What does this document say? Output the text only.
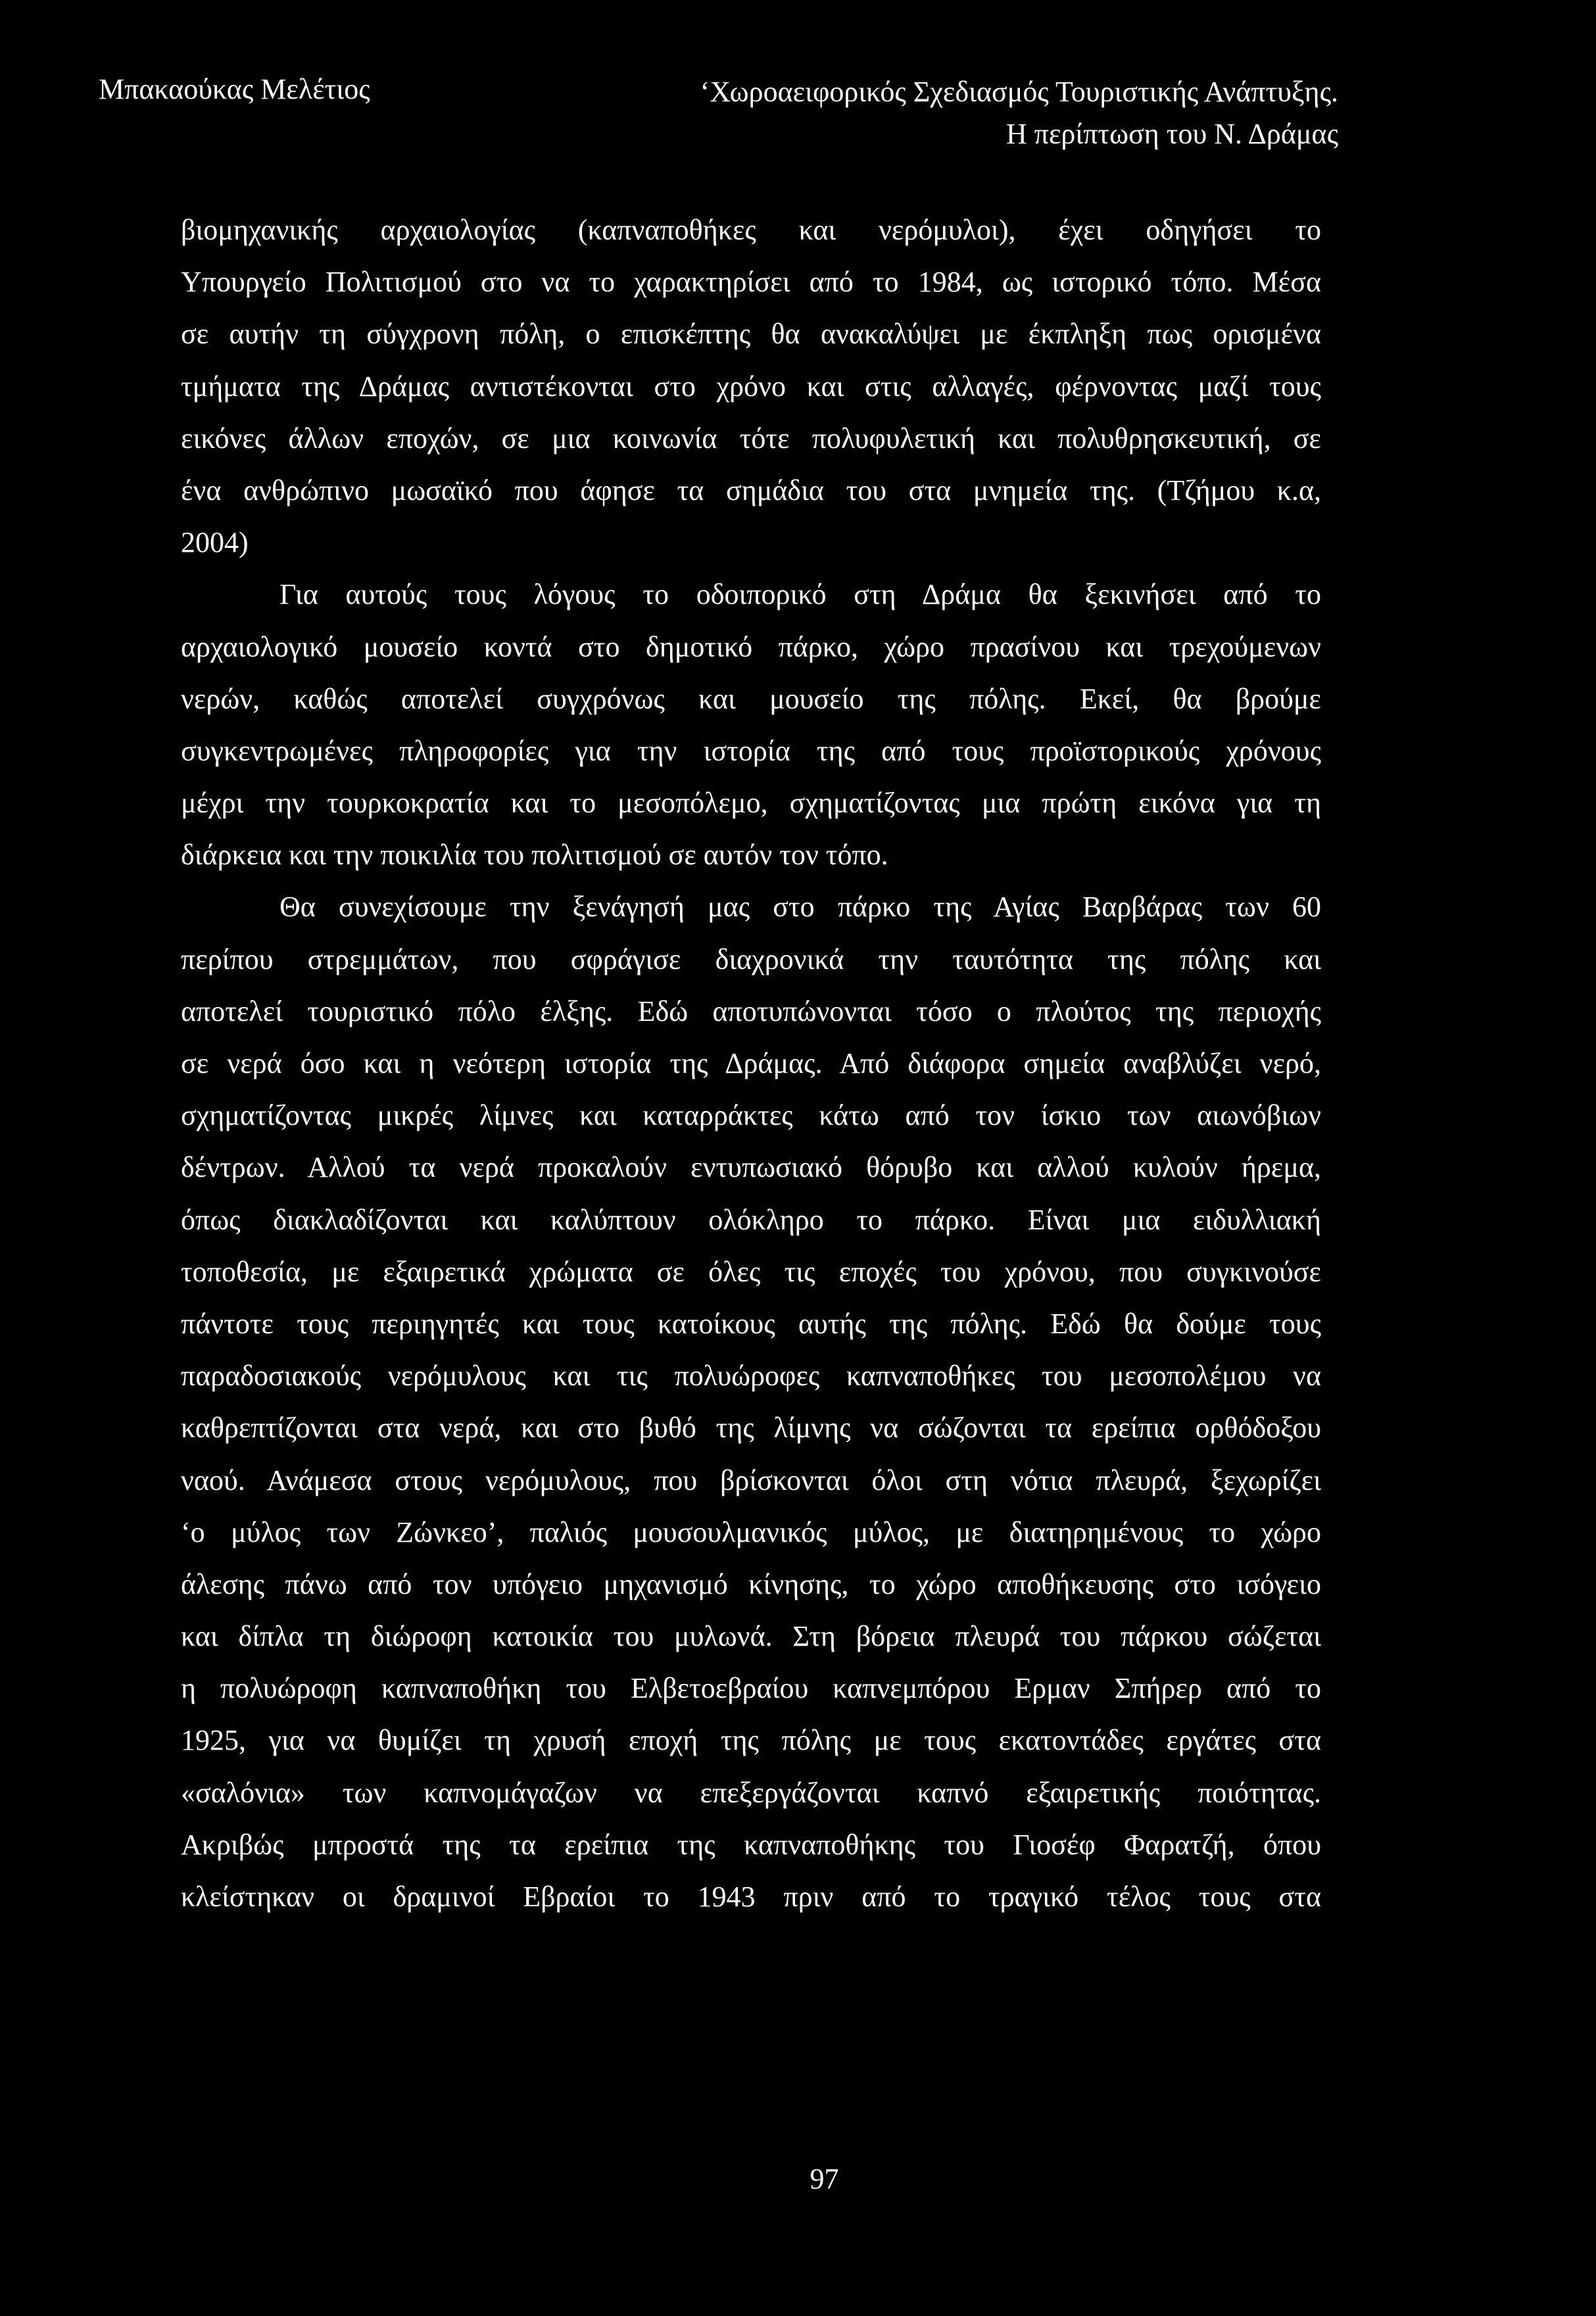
Μπακαούκας Μελέτιος	‘Χωροαειφορικός Σχεδιασμός Τουριστικής Ανάπτυξης.
Η περίπτωση του Ν. Δράμας
βιομηχανικής αρχαιολογίας (καπναποθήκες και νερόμυλοι), έχει οδηγήσει το
Υπουργείο Πολιτισμού στο να το χαρακτηρίσει από το 1984, ως ιστορικό τόπο. Μέσα
σε αυτήν τη σύγχρονη πόλη, ο επισκέπτης θα ανακαλύψει με έκπληξη πως ορισμένα
τμήματα της Δράμας αντιστέκονται στο χρόνο και στις αλλαγές, φέρνοντας μαζί τους
εικόνες άλλων εποχών, σε μια κοινωνία τότε πολυφυλετική και πολυθρησκευτική, σε
ένα ανθρώπινο μωσαϊκό που άφησε τα σημάδια του στα μνημεία της. (Τζήμου κ.α,
2004)
Για αυτούς τους λόγους το οδοιπορικό στη Δράμα θα ξεκινήσει από το
αρχαιολογικό μουσείο κοντά στο δημοτικό πάρκο, χώρο πρασίνου και τρεχούμενων
νερών, καθώς αποτελεί συγχρόνως και μουσείο της πόλης. Εκεί, θα βρούμε
συγκεντρωμένες πληροφορίες για την ιστορία της από τους προϊστορικούς χρόνους
μέχρι την τουρκοκρατία και το μεσοπόλεμο, σχηματίζοντας μια πρώτη εικόνα για τη
διάρκεια και την ποικιλία του πολιτισμού σε αυτόν τον τόπο.
Θα συνεχίσουμε την ξενάγησή μας στο πάρκο της Αγίας Βαρβάρας των 60
περίπου στρεμμάτων, που σφράγισε διαχρονικά την ταυτότητα της πόλης και
αποτελεί τουριστικό πόλο έλξης. Εδώ αποτυπώνονται τόσο ο πλούτος της περιοχής
σε νερά όσο και η νεότερη ιστορία της Δράμας. Από διάφορα σημεία αναβλύζει νερό,
σχηματίζοντας μικρές λίμνες και καταρράκτες κάτω από τον ίσκιο των αιωνόβιων
δέντρων. Αλλού τα νερά προκαλούν εντυπωσιακό θόρυβο και αλλού κυλούν ήρεμα,
όπως διακλαδίζονται και καλύπτουν ολόκληρο το πάρκο. Είναι μια ειδυλλιακή
τοποθεσία, με εξαιρετικά χρώματα σε όλες τις εποχές του χρόνου, που συγκινούσε
πάντοτε τους περιηγητές και τους κατοίκους αυτής της πόλης. Εδώ θα δούμε τους
παραδοσιακούς νερόμυλους και τις πολυώροφες καπναποθήκες του μεσοπολέμου να
καθρεπτίζονται στα νερά, και στο βυθό της λίμνης να σώζονται τα ερείπια ορθόδοξου
ναού. Ανάμεσα στους νερόμυλους, που βρίσκονται όλοι στη νότια πλευρά, ξεχωρίζει
‘ο μύλος των Ζώνκεο’, παλιός μουσουλμανικός μύλος, με διατηρημένους το χώρο
άλεσης πάνω από τον υπόγειο μηχανισμό κίνησης, το χώρο αποθήκευσης στο ισόγειο
και δίπλα τη διώροφη κατοικία του μυλωνά. Στη βόρεια πλευρά του πάρκου σώζεται
η πολυώροφη καπναποθήκη του Ελβετοεβραίου καπνεμπόρου Ερμαν Σπήρερ από το
1925, για να θυμίζει τη χρυσή εποχή της πόλης με τους εκατοντάδες εργάτες στα
«σαλόνια» των καπνομάγαζων να επεξεργάζονται καπνό εξαιρετικής ποιότητας.
Ακριβώς μπροστά της τα ερείπια της καπναποθήκης του Γιοσέφ Φαρατζή, όπου
κλείστηκαν οι δραμινοί Εβραίοι το 1943 πριν από το τραγικό τέλος τους στα
97
